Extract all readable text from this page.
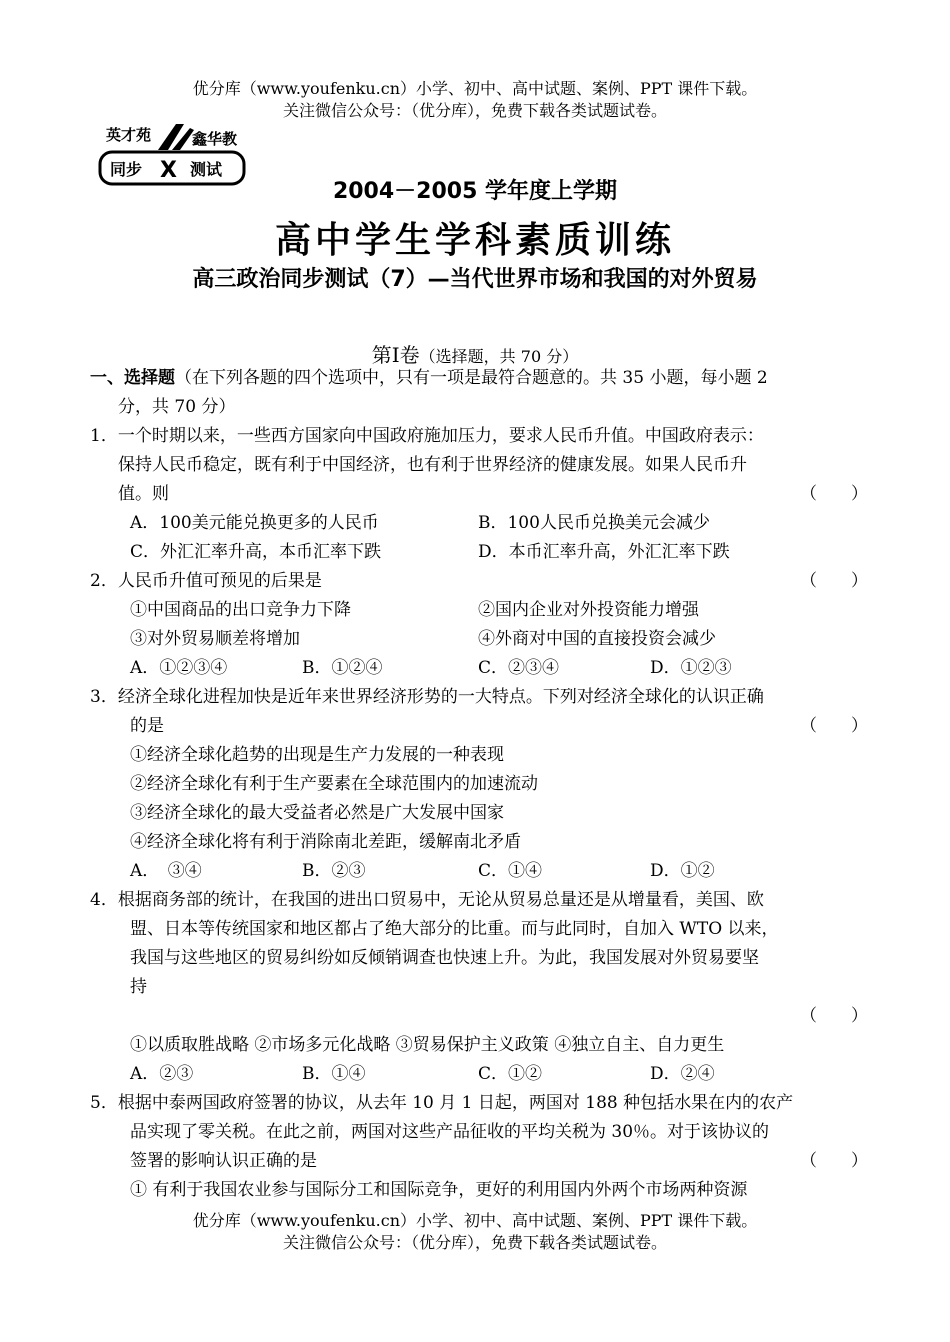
优分库（www.youfenku.cn）小学、初中、高中试题、案例、PPT 课件下载。
关注微信公众号：（优分库），免费下载各类试题试卷。
英才苑	鑫华教
同步 X 测试
2004－2005 学年度上学期
高中学生学科素质训练
高三政治同步测试（7）—当代世界市场和我国的对外贸易
第Ⅰ卷（选择题，共 70 分）
一、选择题（在下列各题的四个选项中，只有一项是最符合题意的。共 35 小题，每小题 2
分，共 70 分）
1．一个时期以来，一些西方国家向中国政府施加压力，要求人民币升值。中国政府表示：
保持人民币稳定，既有利于中国经济，也有利于世界经济的健康发展。如果人民币升
值。则	（　　）
A．100美元能兑换更多的人民币	B．100人民币兑换美元会减少
C．外汇汇率升高，本币汇率下跌	D．本币汇率升高，外汇汇率下跌
2．人民币升值可预见的后果是	（　　）
①中国商品的出口竞争力下降	②国内企业对外投资能力增强
③对外贸易顺差将增加	④外商对中国的直接投资会减少
A．①②③④	B．①②④	C．②③④	D．①②③
3．经济全球化进程加快是近年来世界经济形势的一大特点。下列对经济全球化的认识正确
的是	（　　）
①经济全球化趋势的出现是生产力发展的一种表现
②经济全球化有利于生产要素在全球范围内的加速流动
③经济全球化的最大受益者必然是广大发展中国家
④经济全球化将有利于消除南北差距，缓解南北矛盾
A．　③④	B．②③	C．①④	D．①②
4．根据商务部的统计，在我国的进出口贸易中，无论从贸易总量还是从增量看，美国、欧
盟、日本等传统国家和地区都占了绝大部分的比重。而与此同时，自加入 WTO 以来，
我国与这些地区的贸易纠纷如反倾销调查也快速上升。为此，我国发展对外贸易要坚
持
（　　）
①以质取胜战略 ②市场多元化战略 ③贸易保护主义政策 ④独立自主、自力更生
A．②③	B．①④	C．①②	D．②④
5．根据中泰两国政府签署的协议，从去年 10 月 1 日起，两国对 188 种包括水果在内的农产
品实现了零关税。在此之前，两国对这些产品征收的平均关税为 30％。对于该协议的
签署的影响认识正确的是	（　　）
① 有利于我国农业参与国际分工和国际竞争，更好的利用国内外两个市场两种资源
优分库（www.youfenku.cn）小学、初中、高中试题、案例、PPT 课件下载。
关注微信公众号：（优分库），免费下载各类试题试卷。
